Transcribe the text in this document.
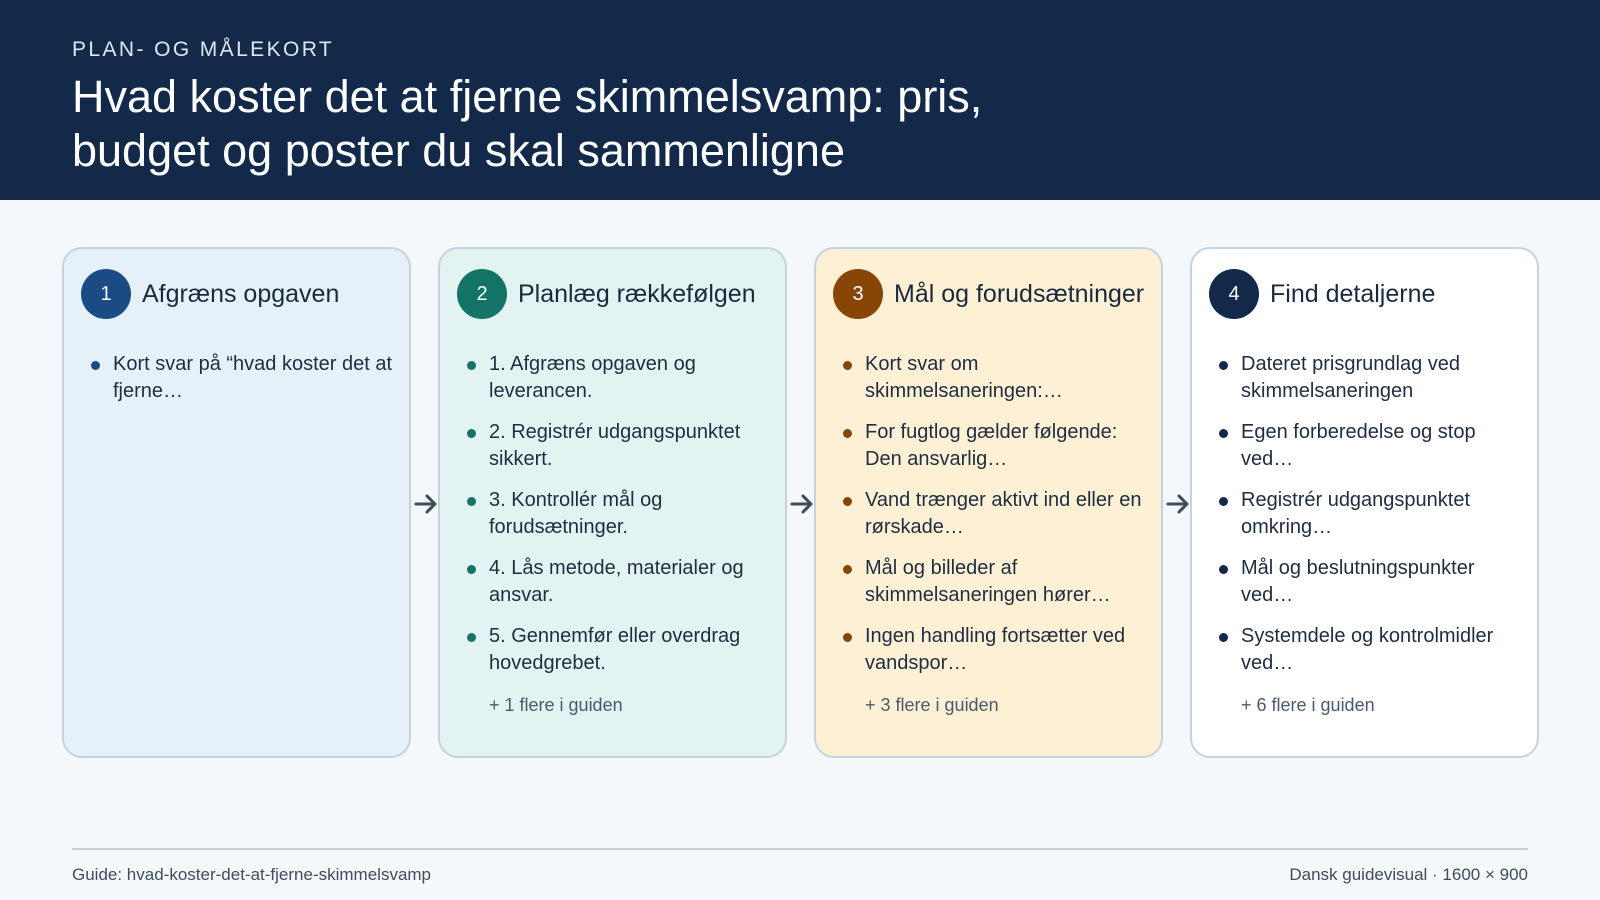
PLAN- OG MÅLEKORT
Hvad koster det at fjerne skimmelsvamp: pris, budget og poster du skal sammenligne
1	Afgræns opgaven
Kort svar på “hvad koster det at fjerne…
2	Planlæg rækkefølgen
1. Afgræns opgaven og leverancen.
2. Registrér udgangspunktet sikkert.
3. Kontrollér mål og forudsætninger.
4. Lås metode, materialer og ansvar.
5. Gennemfør eller overdrag hovedgrebet.
+ 1 flere i guiden
3	Mål og forudsætninger
Kort svar om skimmelsaneringen:…
For fugtlog gælder følgende: Den ansvarlig…
Vand trænger aktivt ind eller en rørskade…
Mål og billeder af skimmelsaneringen hører…
Ingen handling fortsætter ved vandspor…
+ 3 flere i guiden
4	Find detaljerne
Dateret prisgrundlag ved skimmelsaneringen
Egen forberedelse og stop ved…
Registrér udgangspunktet omkring…
Mål og beslutningspunkter ved…
Systemdele og kontrolmidler ved…
+ 6 flere i guiden
Guide: hvad-koster-det-at-fjerne-skimmelsvamp	Dansk guidevisual · 1600 × 900
